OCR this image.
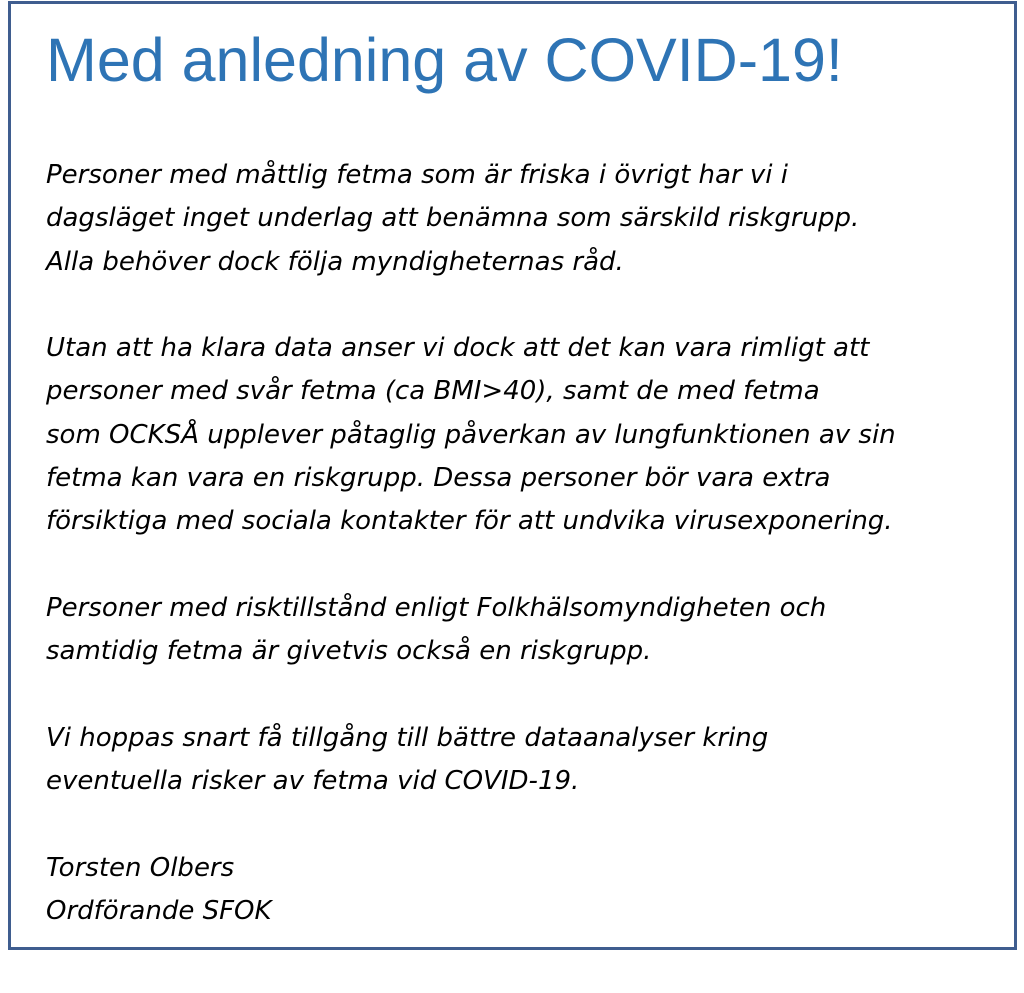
Med anledning av COVID-19!

Personer med måttlig fetma som är friska i övrigt har vi i
dagsläget inget underlag att benämna som särskild riskgrupp.
Alla behöver dock följa myndigheternas råd.

Utan att ha klara data anser vi dock att det kan vara rimligt att
personer med svår fetma (ca BMI>40), samt de med fetma
som OCKSÅ upplever påtaglig påverkan av lungfunktionen av sin
fetma kan vara en riskgrupp. Dessa personer bör vara extra
försiktiga med sociala kontakter för att undvika virusexponering.

Personer med risktillstånd enligt Folkhälsomyndigheten och
samtidig fetma är givetvis också en riskgrupp.

Vi hoppas snart få tillgång till bättre dataanalyser kring
eventuella risker av fetma vid COVID-19.

Torsten Olbers
Ordförande SFOK
